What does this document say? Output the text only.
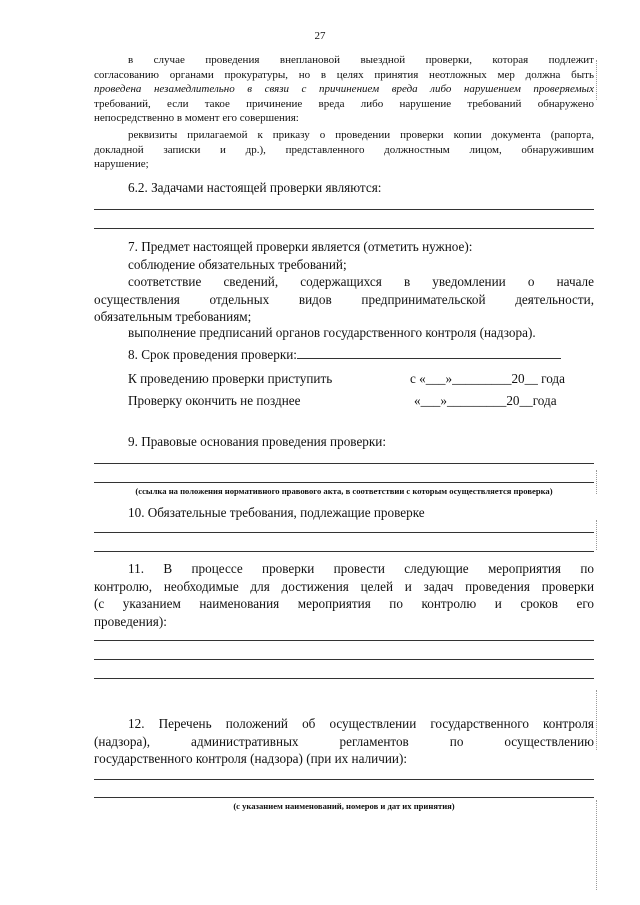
27
в случае проведения внеплановой выездной проверки, которая подлежит
согласованию органами прокуратуры, но в целях принятия неотложных мер должна быть
проведена незамедлительно в связи с причинением вреда либо нарушением проверяемых
требований, если такое причинение вреда либо нарушение требований обнаружено
непосредственно в момент его совершения:
реквизиты прилагаемой к приказу о проведении проверки копии документа (рапорта,
докладной записки и др.), представленного должностным лицом, обнаружившим
нарушение;
6.2. Задачами настоящей проверки являются:
7. Предмет настоящей проверки является (отметить нужное):
соблюдение обязательных требований;
соответствие сведений, содержащихся в уведомлении о начале
осуществления отдельных видов предпринимательской деятельности,
обязательным требованиям;
выполнение предписаний органов государственного контроля (надзора).
8. Срок проведения проверки:
К проведению проверки приступить	с «___»_________20__ года
Проверку окончить не позднее	«___»_________20__года
9. Правовые основания проведения проверки:
(ссылка на положения нормативного правового акта, в соответствии с которым осуществляется проверка)
10. Обязательные требования, подлежащие проверке
11. В процессе проверки провести следующие мероприятия по
контролю, необходимые для достижения целей и задач проведения проверки
(с указанием наименования мероприятия по контролю и сроков его
проведения):
12. Перечень положений об осуществлении государственного контроля
(надзора), административных регламентов по осуществлению
государственного контроля (надзора) (при их наличии):
(с указанием наименований, номеров и дат их принятия)
